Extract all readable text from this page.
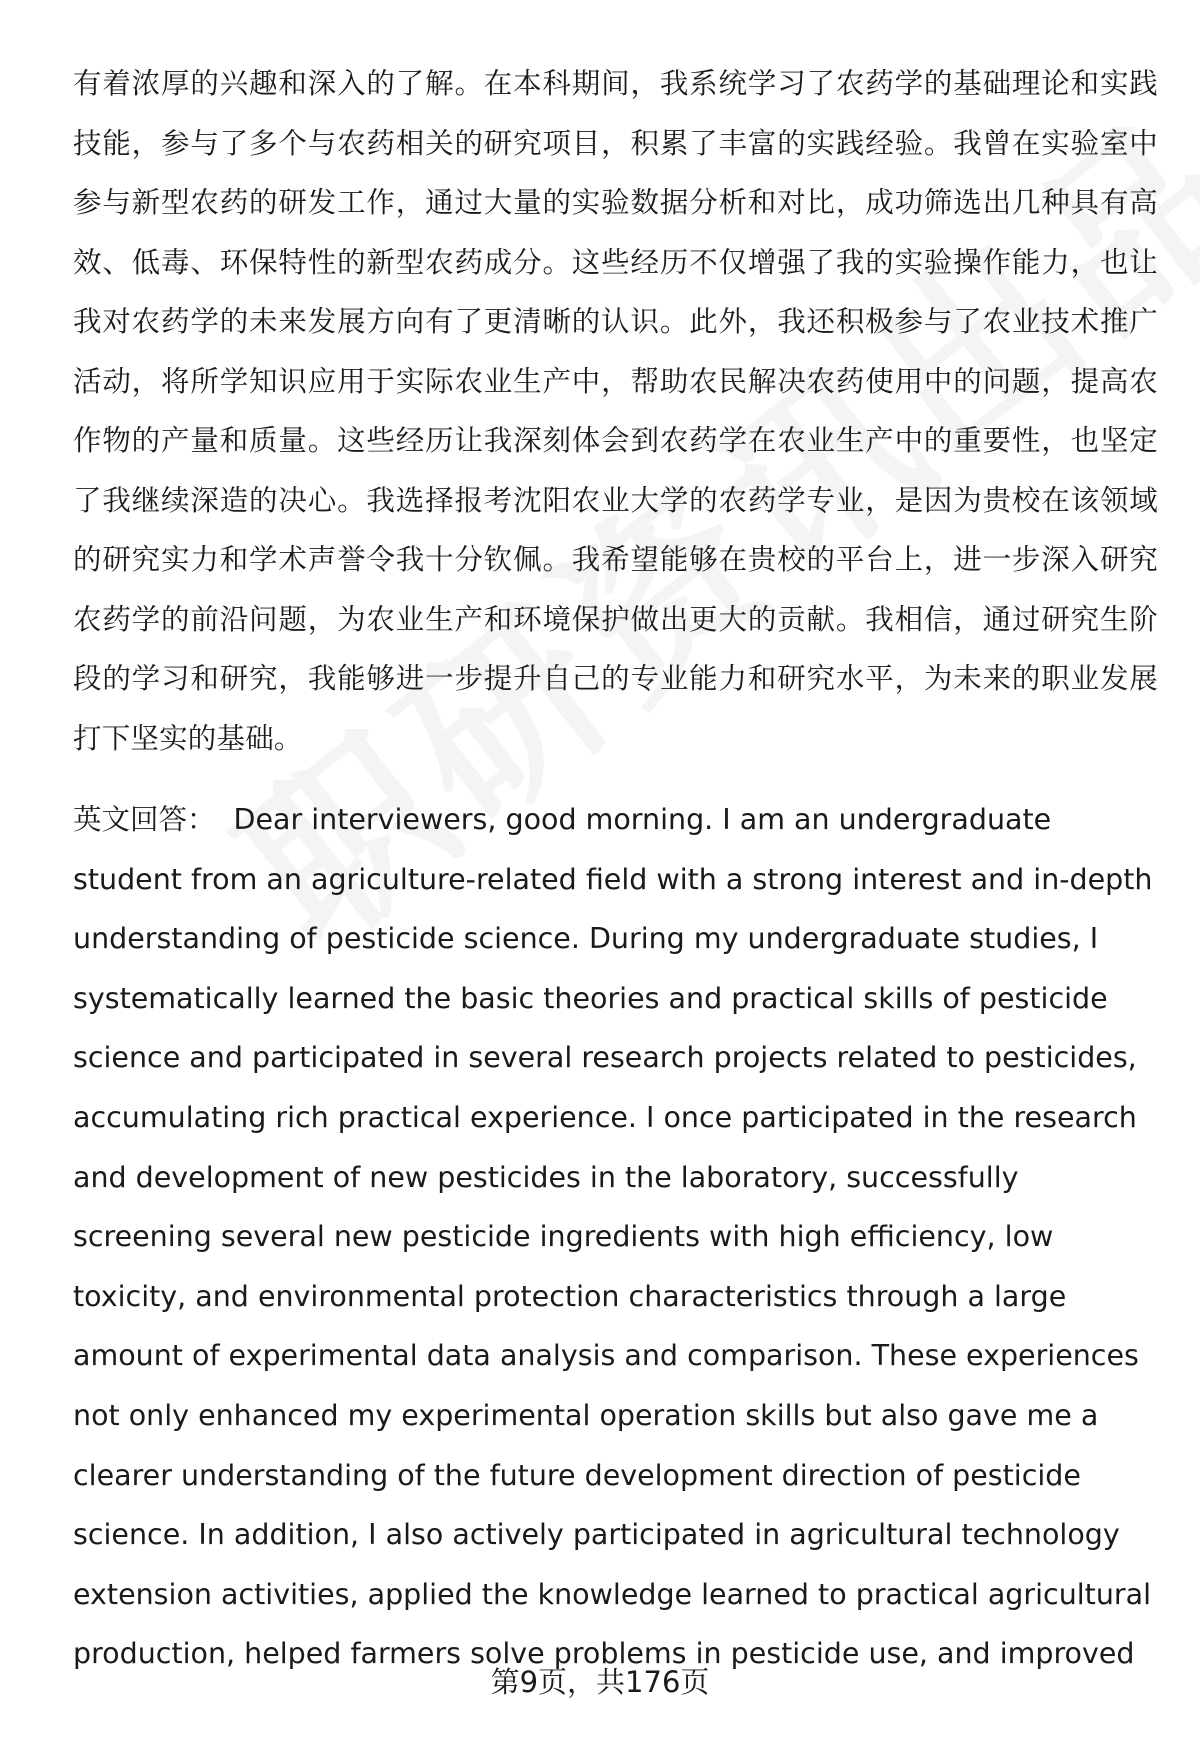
有着浓厚的兴趣和深入的了解。在本科期间，我系统学习了农药学的基础理论和实践技能，参与了多个与农药相关的研究项目，积累了丰富的实践经验。我曾在实验室中参与新型农药的研发工作，通过大量的实验数据分析和对比，成功筛选出几种具有高效、低毒、环保特性的新型农药成分。这些经历不仅增强了我的实验操作能力，也让我对农药学的未来发展方向有了更清晰的认识。此外，我还积极参与了农业技术推广活动，将所学知识应用于实际农业生产中，帮助农民解决农药使用中的问题，提高农作物的产量和质量。这些经历让我深刻体会到农药学在农业生产中的重要性，也坚定了我继续深造的决心。我选择报考沈阳农业大学的农药学专业，是因为贵校在该领域的研究实力和学术声誉令我十分钦佩。我希望能够在贵校的平台上，进一步深入研究农药学的前沿问题，为农业生产和环境保护做出更大的贡献。我相信，通过研究生阶段的学习和研究，我能够进一步提升自己的专业能力和研究水平，为未来的职业发展打下坚实的基础。

英文回答： Dear interviewers, good morning. I am an undergraduate student from an agriculture-related field with a strong interest and in-depth understanding of pesticide science. During my undergraduate studies, I systematically learned the basic theories and practical skills of pesticide science and participated in several research projects related to pesticides, accumulating rich practical experience. I once participated in the research and development of new pesticides in the laboratory, successfully screening several new pesticide ingredients with high efficiency, low toxicity, and environmental protection characteristics through a large amount of experimental data analysis and comparison. These experiences not only enhanced my experimental operation skills but also gave me a clearer understanding of the future development direction of pesticide science. In addition, I also actively participated in agricultural technology extension activities, applied the knowledge learned to practical agricultural production, helped farmers solve problems in pesticide use, and improved

第9页，共176页
